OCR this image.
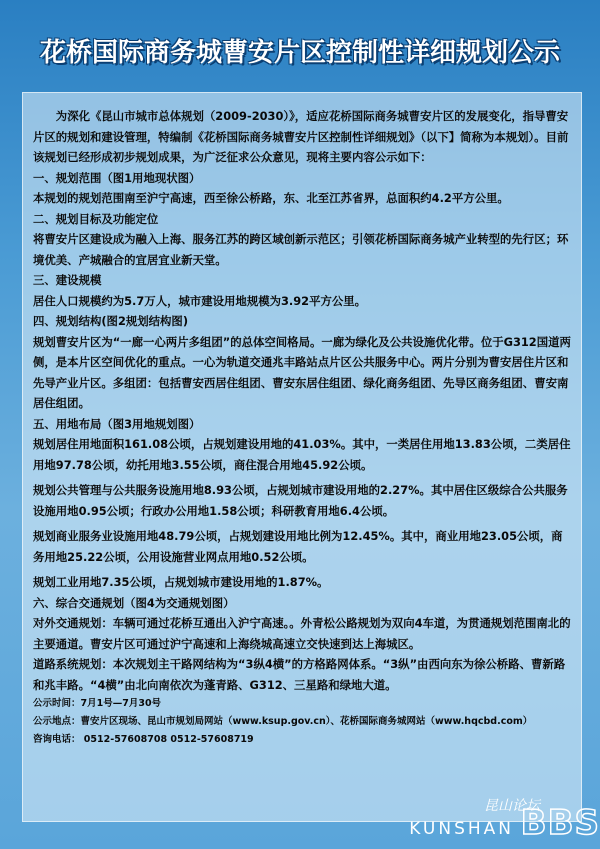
花桥国际商务城曹安片区控制性详细规划公示

为深化《昆山市城市总体规划（2009-2030）》，适应花桥国际商务城曹安片区的发展变化，指导曹安片区的规划和建设管理，特编制《花桥国际商务城曹安片区控制性详细规划》（以下】简称为本规划）。目前该规划已经形成初步规划成果，为广泛征求公众意见，现将主要内容公示如下：

一、规划范围（图1用地现状图）

本规划的规划范围南至沪宁高速，西至徐公桥路，东、北至江苏省界，总面积约4.2平方公里。

二、规划目标及功能定位

将曹安片区建设成为融入上海、服务江苏的跨区域创新示范区；引领花桥国际商务城产业转型的先行区；环境优美、产城融合的宜居宜业新天堂。

三、建设规模

居住人口规模约为5.7万人，城市建设用地规模为3.92平方公里。

四、规划结构(图2规划结构图)

规划曹安片区为“一廊一心两片多组团”的总体空间格局。一廊为绿化及公共设施优化带。位于G312国道两侧，是本片区空间优化的重点。一心为轨道交通兆丰路站点片区公共服务中心。两片分别为曹安居住片区和先导产业片区。多组团：包括曹安西居住组团、曹安东居住组团、绿化商务组团、先导区商务组团、曹安南居住组团。

五、用地布局（图3用地规划图）

规划居住用地面积161.08公顷，占规划建设用地的41.03%。其中，一类居住用地13.83公顷，二类居住用地97.78公顷，幼托用地3.55公顷，商住混合用地45.92公顷。

规划公共管理与公共服务设施用地8.93公顷，占规划城市建设用地的2.27%。其中居住区级综合公共服务设施用地0.95公顷；行政办公用地1.58公顷；科研教育用地6.4公顷。

规划商业服务业设施用地48.79公顷，占规划建设用地比例为12.45%。其中，商业用地23.05公顷，商务用地25.22公顷，公用设施营业网点用地0.52公顷。

规划工业用地7.35公顷，占规划城市建设用地的1.87%。

六、综合交通规划（图4为交通规划图）

对外交通规划：车辆可通过花桥互通出入沪宁高速。。外青松公路规划为双向4车道，为贯通规划范围南北的主要通道。曹安片区可通过沪宁高速和上海绕城高速立交快速到达上海城区。

道路系统规划：本次规划主干路网结构为“3纵4横”的方格路网体系。“3纵”由西向东为徐公桥路、曹新路和兆丰路。“4横”由北向南依次为蓬青路、G312、三星路和绿地大道。

公示时间：7月1号—7月30号

公示地点：曹安片区现场、昆山市规划局网站（www.ksup.gov.cn）、花桥国际商务城网站（www.hqcbd.com）

咨询电话： 0512-57608708 0512-57608719

昆山论坛
KUNSHAN BBS
